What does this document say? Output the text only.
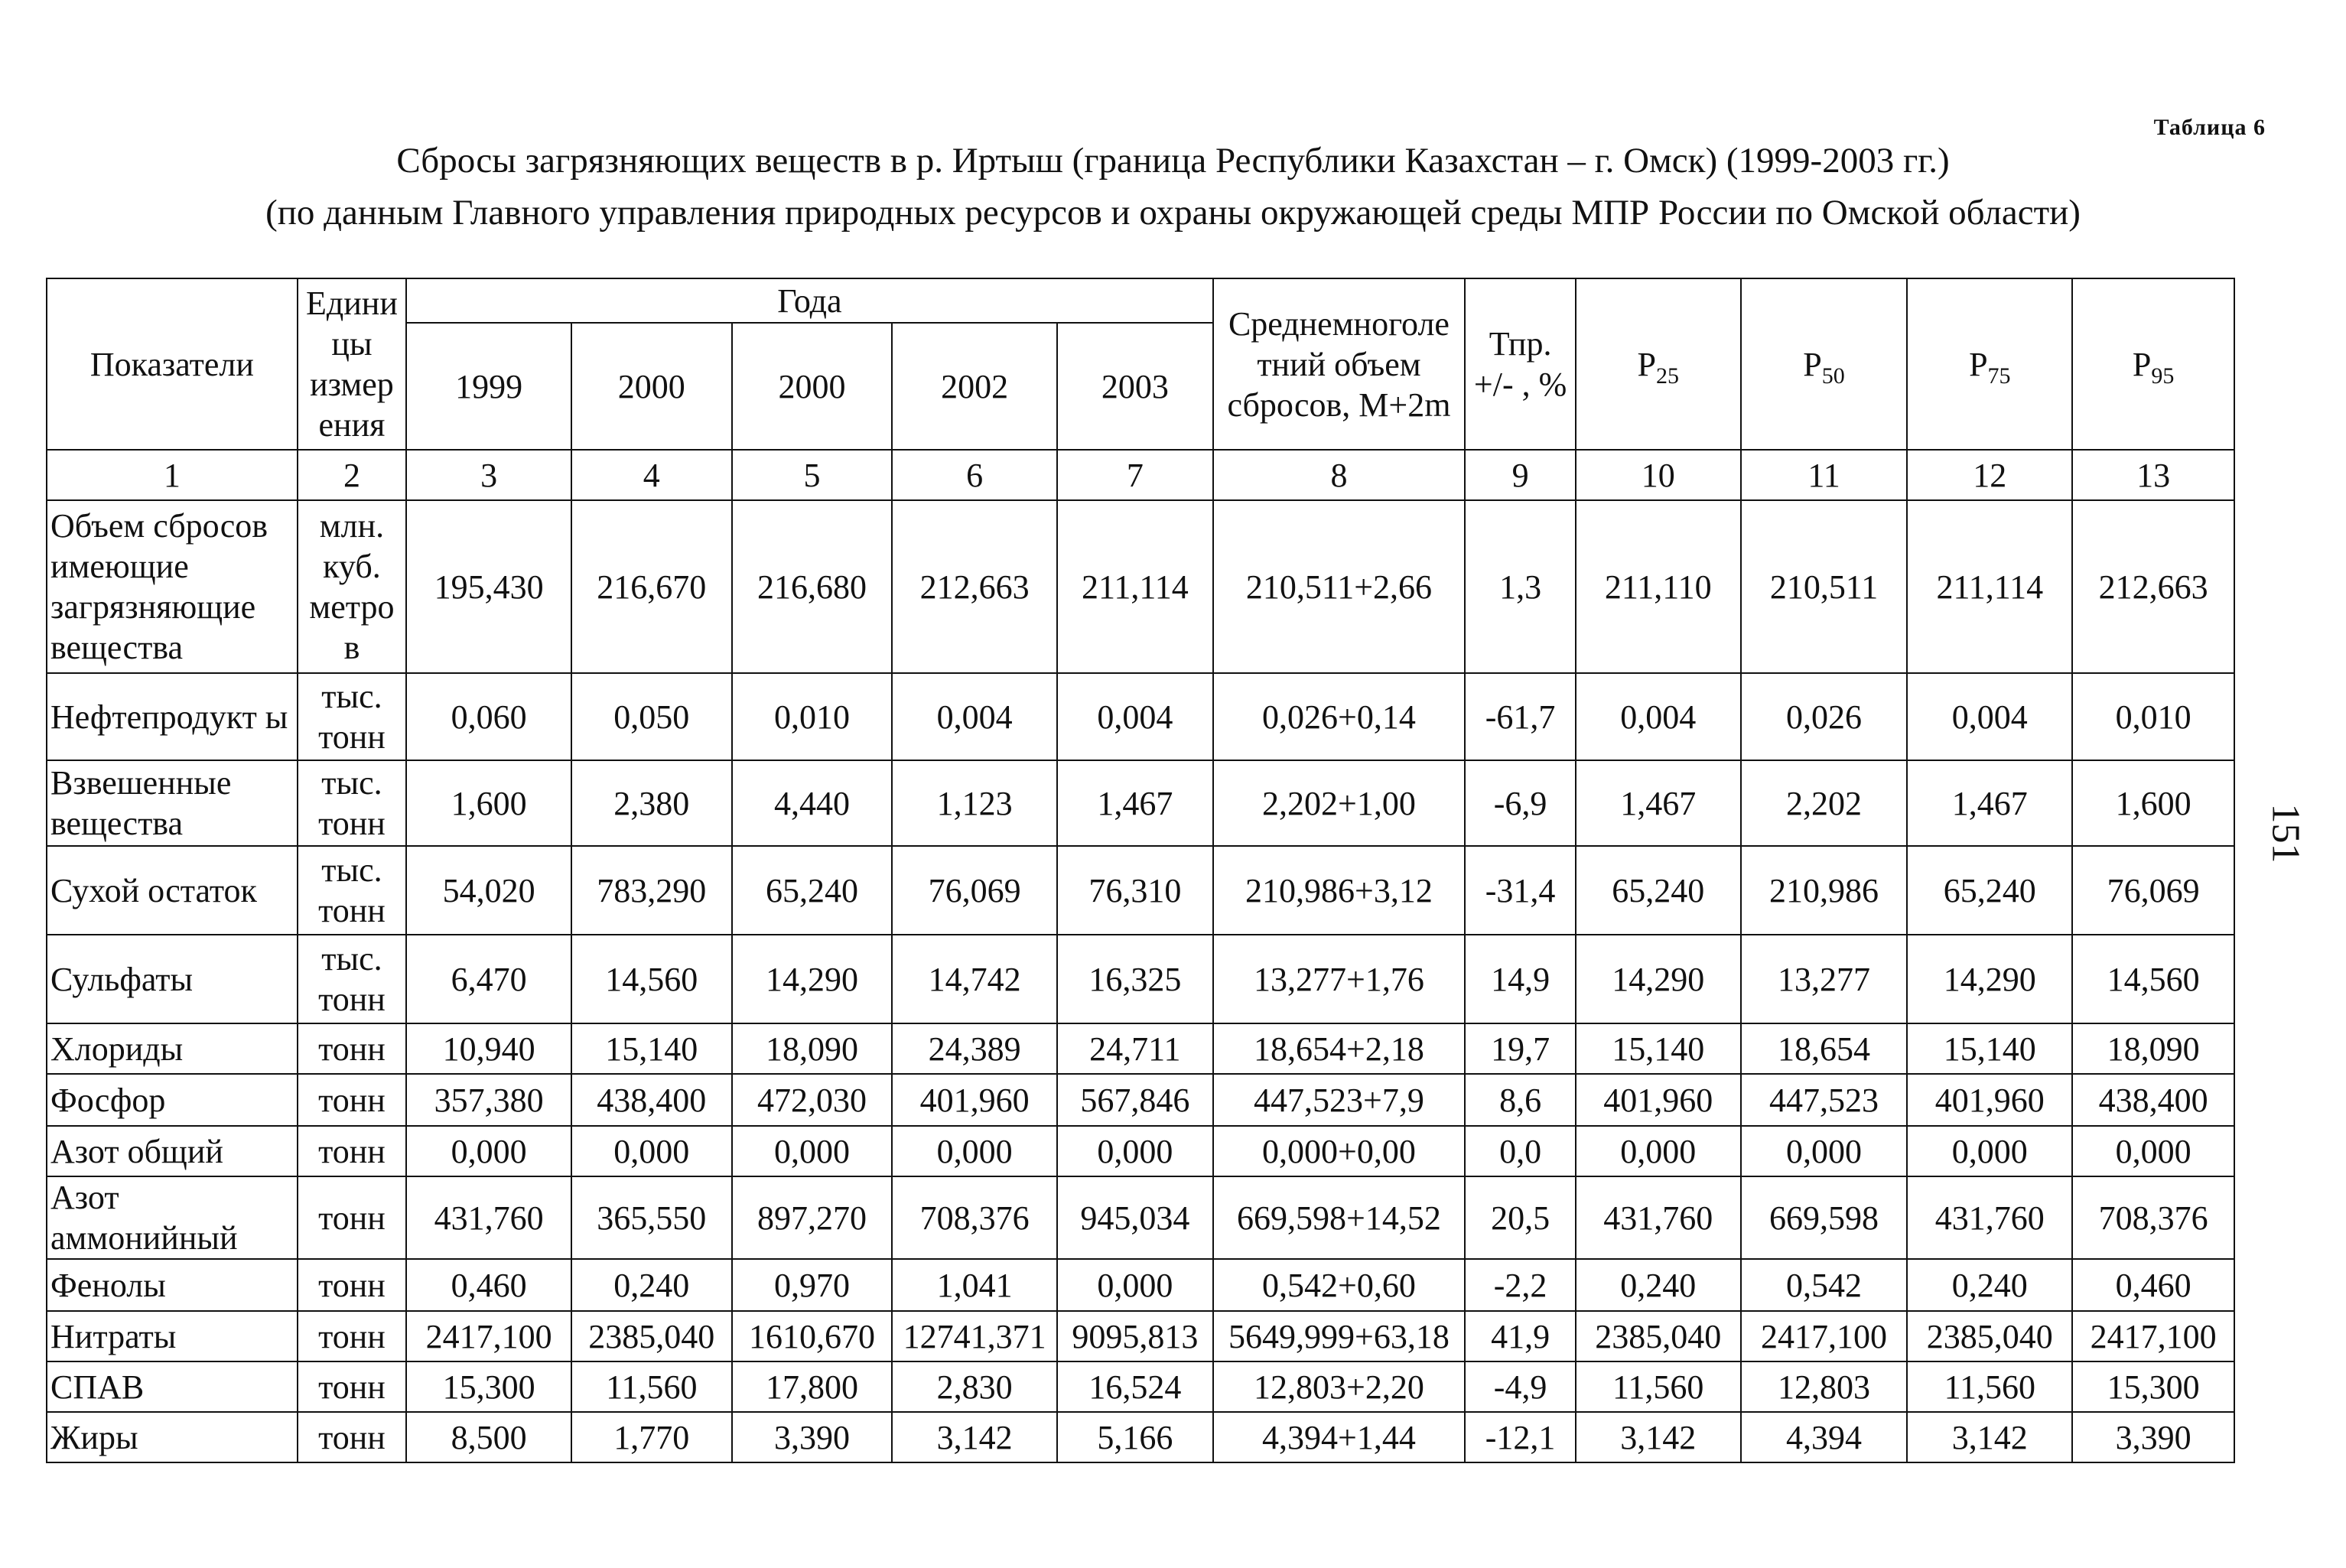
Таблица 6
Сбросы загрязняющих веществ в р. Иртыш (граница Республики Казахстан – г. Омск) (1999-2003 гг.)
(по данным Главного управления природных ресурсов и охраны окружающей среды МПР России по Омской области)
151
Показатели	Едини цы измер ения	Года					Среднемноголе тний объем сбросов, М+2m	Тпр. +/- , %	$Р_{25}$	$Р_{50}$	$Р_{75}$	$Р_{95}$
		1999	2000	2000	2002	2003						
1	2	3	4	5	6	7	8	9	10	11	12	13
Объем сбросов имеющие загрязняющие вещества	млн. куб. метро в	195,430	216,670	216,680	212,663	211,114	210,511+2,66	1,3	211,110	210,511	211,114	212,663
Нефтепродукт ы	тыс. тонн	0,060	0,050	0,010	0,004	0,004	0,026+0,14	-61,7	0,004	0,026	0,004	0,010
Взвешенные вещества	тыс. тонн	1,600	2,380	4,440	1,123	1,467	2,202+1,00	-6,9	1,467	2,202	1,467	1,600
Сухой остаток	тыс. тонн	54,020	783,290	65,240	76,069	76,310	210,986+3,12	-31,4	65,240	210,986	65,240	76,069
Сульфаты	тыс. тонн	6,470	14,560	14,290	14,742	16,325	13,277+1,76	14,9	14,290	13,277	14,290	14,560
Хлориды	тонн	10,940	15,140	18,090	24,389	24,711	18,654+2,18	19,7	15,140	18,654	15,140	18,090
Фосфор	тонн	357,380	438,400	472,030	401,960	567,846	447,523+7,9	8,6	401,960	447,523	401,960	438,400
Азот общий	тонн	0,000	0,000	0,000	0,000	0,000	0,000+0,00	0,0	0,000	0,000	0,000	0,000
Азот аммонийный	тонн	431,760	365,550	897,270	708,376	945,034	669,598+14,52	20,5	431,760	669,598	431,760	708,376
Фенолы	тонн	0,460	0,240	0,970	1,041	0,000	0,542+0,60	-2,2	0,240	0,542	0,240	0,460
Нитраты	тонн	2417,100	2385,040	1610,670	12741,371	9095,813	5649,999+63,18	41,9	2385,040	2417,100	2385,040	2417,100
СПАВ	тонн	15,300	11,560	17,800	2,830	16,524	12,803+2,20	-4,9	11,560	12,803	11,560	15,300
Жиры	тонн	8,500	1,770	3,390	3,142	5,166	4,394+1,44	-12,1	3,142	4,394	3,142	3,390
